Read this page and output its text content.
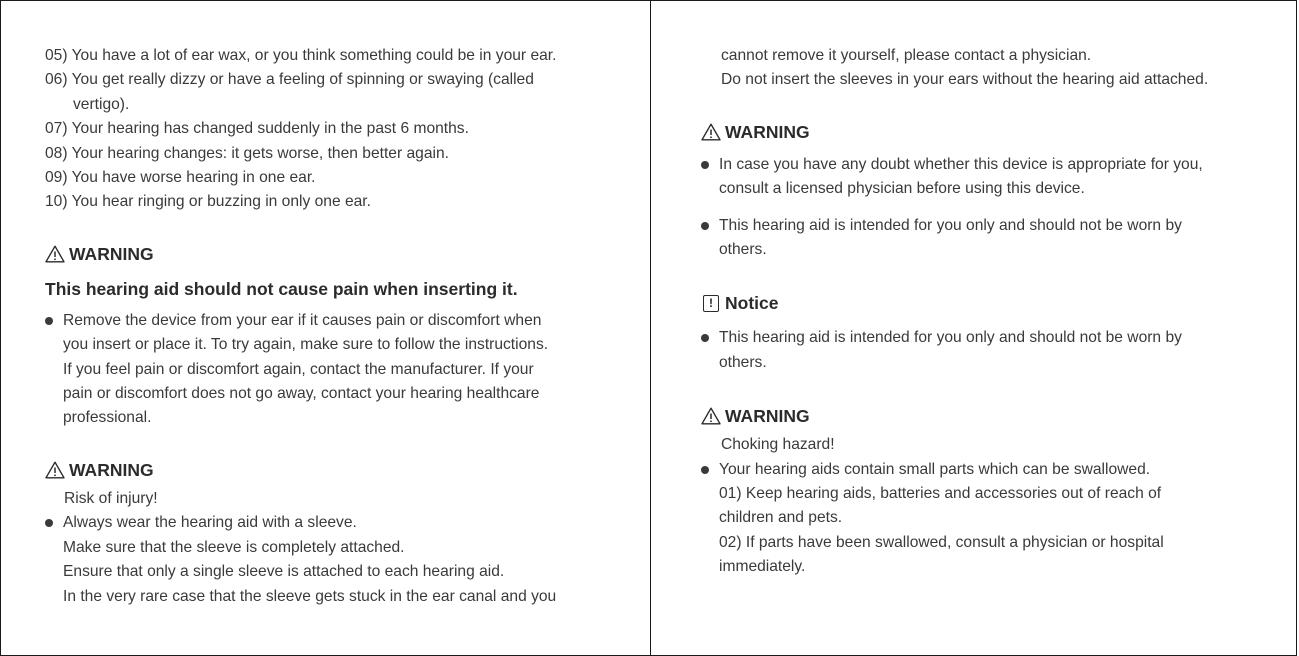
05) You have a lot of ear wax, or you think something could be in your ear.
06) You get really dizzy or have a feeling of spinning or swaying (called
vertigo).
07) Your hearing has changed suddenly in the past 6 months.
08) Your hearing changes: it gets worse, then better again.
09) You have worse hearing in one ear.
10) You hear ringing or buzzing in only one ear.
WARNING
This hearing aid should not cause pain when inserting it.
Remove the device from your ear if it causes pain or discomfort when
you insert or place it. To try again, make sure to follow the instructions.
If you feel pain or discomfort again, contact the manufacturer. If your
pain or discomfort does not go away, contact your hearing healthcare
professional.
WARNING
Risk of injury!
Always wear the hearing aid with a sleeve.
Make sure that the sleeve is completely attached.
Ensure that only a single sleeve is attached to each hearing aid.
In the very rare case that the sleeve gets stuck in the ear canal and you
cannot remove it yourself, please contact a physician.
Do not insert the sleeves in your ears without the hearing aid attached.
WARNING
In case you have any doubt whether this device is appropriate for you,
consult a licensed physician before using this device.
This hearing aid is intended for you only and should not be worn by
others.
! Notice
This hearing aid is intended for you only and should not be worn by
others.
WARNING
Choking hazard!
Your hearing aids contain small parts which can be swallowed.
01) Keep hearing aids, batteries and accessories out of reach of
children and pets.
02) If parts have been swallowed, consult a physician or hospital
immediately.
